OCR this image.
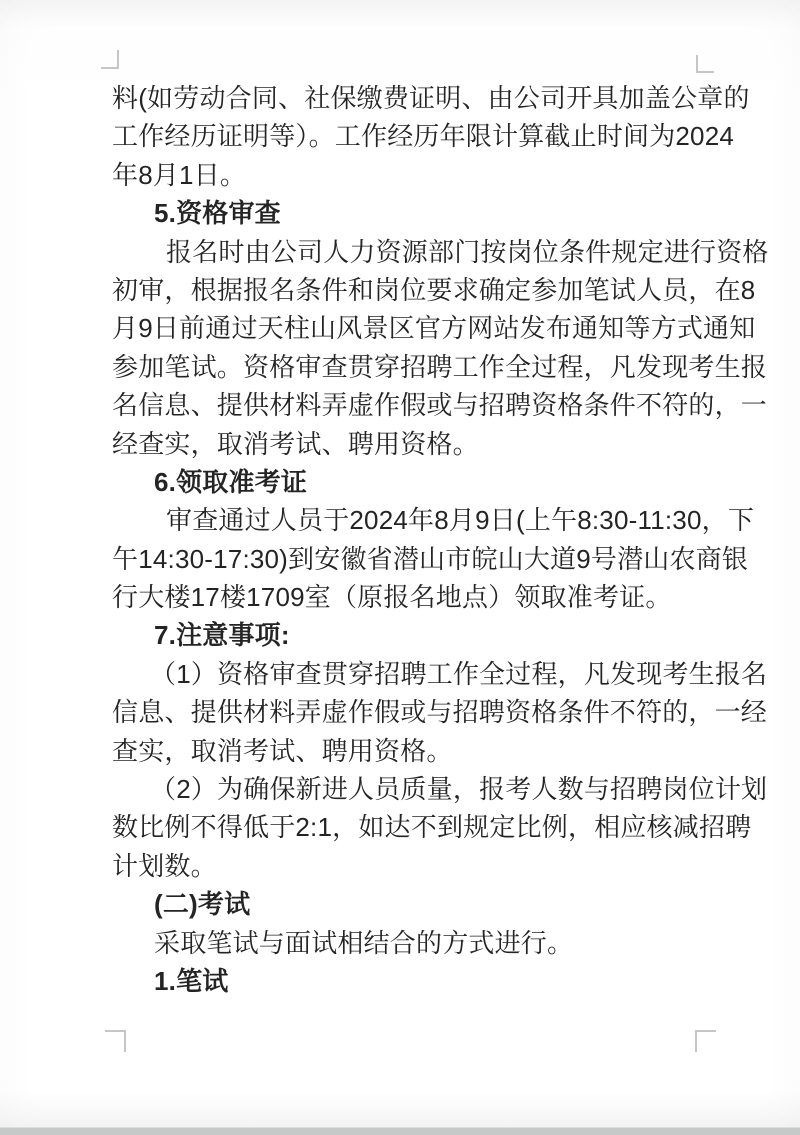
料(如劳动合同、社保缴费证明、由公司开具加盖公章的
工作经历证明等）。工作经历年限计算截止时间为2024
年8月1日。
5.资格审查
报名时由公司人力资源部门按岗位条件规定进行资格
初审，根据报名条件和岗位要求确定参加笔试人员，在8
月9日前通过天柱山风景区官方网站发布通知等方式通知
参加笔试。资格审查贯穿招聘工作全过程，凡发现考生报
名信息、提供材料弄虚作假或与招聘资格条件不符的，一
经查实，取消考试、聘用资格。
6.领取准考证
审查通过人员于2024年8月9日(上午8:30-11:30，下
午14:30-17:30)到安徽省潜山市皖山大道9号潜山农商银
行大楼17楼1709室（原报名地点）领取准考证。
7.注意事项:
（1）资格审查贯穿招聘工作全过程，凡发现考生报名
信息、提供材料弄虚作假或与招聘资格条件不符的，一经
查实，取消考试、聘用资格。
（2）为确保新进人员质量，报考人数与招聘岗位计划
数比例不得低于2:1，如达不到规定比例，相应核减招聘
计划数。
(二)考试
采取笔试与面试相结合的方式进行。
1.笔试
